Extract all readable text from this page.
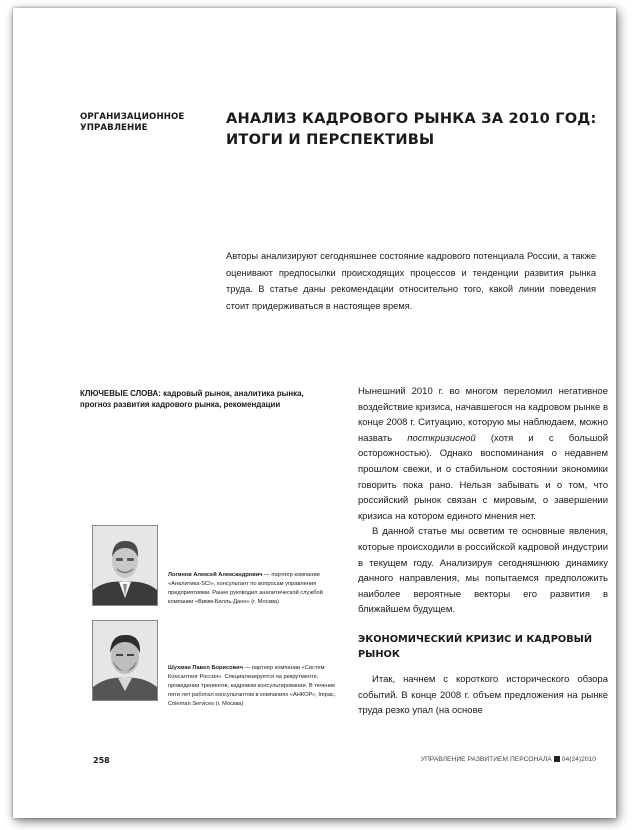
ОРГАНИЗАЦИОННОЕ
УПРАВЛЕНИЕ
АНАЛИЗ КАДРОВОГО РЫНКА ЗА 2010 ГОД:
ИТОГИ И ПЕРСПЕКТИВЫ
Авторы анализируют сегодняшнее состояние кадрового потенциала России, а также оценивают предпосылки происходящих процессов и тенденции развития рынка труда. В статье даны рекомендации относительно того, какой линии поведения стоит придерживаться в настоящее время.
КЛЮЧЕВЫЕ СЛОВА: кадровый рынок, аналитика рынка, прогноз развития кадрового рынка, рекомендации
Логинов Алексей Александрович — партнер компании «Аналитика-SCI», консультант по вопросам управления предприятиями. Ранее руководил аналитической службой компании «Вимм-Билль-Данн» (г. Москва)
Шухман Павел Борисович — партнер компании «Систем Консалтинг Россия». Специализируется на рекрутменте, проведении тренингов, кадровом консультировании. В течение пяти лет работал консультантом в компаниях «АНКОР», Impac, Coleman Services (г. Москва)

Нынешний 2010 г. во многом переломил негативное воздействие кризиса, начавшегося на кадровом рынке в конце 2008 г. Ситуацию, которую мы наблюдаем, можно назвать посткризисной (хотя и с большой осторожностью). Однако воспоминания о недавнем прошлом свежи, и о стабильном состоянии экономики говорить пока рано. Нельзя забывать и о том, что российский рынок связан с мировым, о завершении кризиса на котором единого мнения нет.

В данной статье мы осветим те основные явления, которые происходили в российской кадровой индустрии в текущем году. Анализируя сегодняшнюю динамику данного направления, мы попытаемся предположить наиболее вероятные векторы его развития в ближайшем будущем.

ЭКОНОМИЧЕСКИЙ КРИЗИС И КАДРОВЫЙ РЫНОК

Итак, начнем с короткого исторического обзора событий. В конце 2008 г. объем предложения на рынке труда резко упал (на основе

258	УПРАВЛЕНИЕ РАЗВИТИЕМ ПЕРСОНАЛА 04(24)2010
